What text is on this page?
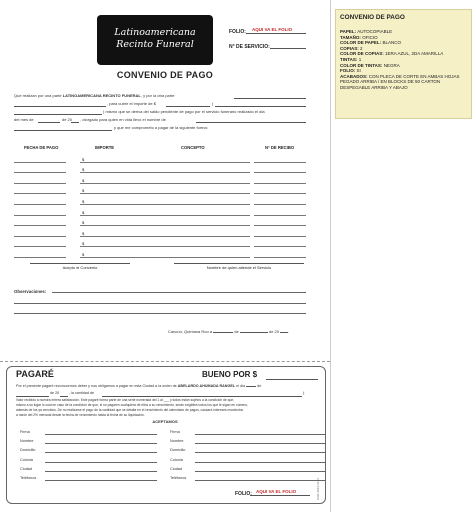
Latinoamericana
Recinto Funeral
FOLIO: AQUI VA EL FOLIO
N° DE SERVICIO:
CONVENIO DE PAGO
Que realizan por una parte LATINOAMERICANA RECINTO FUNERAL, y por la otra parte
, para cubrir el importe de $	(
) mismo que se deriva del saldo pendiente de pago por el servicio funerario realizado el día
del mes de	de 20 , otorgado para quien en vida llevó el nombre de
y que me comprometo a pagar de la siguiente forma:
FECHA DE PAGO	IMPORTE	CONCEPTO	N° DE RECIBO
$
$
$
$
$
$
$
$
$
$
Acepto el Convenio	Nombre de quien atiende el Servicio
Observaciones:
Cancún, Quintana Roo a	de	de 20 .
PAGARÉ	BUENO POR $
Por el presente pagaré reconocemos deber y nos obligamos a pagar en esta Ciudad a la orden de ABELARDO AHUMADA RANGEL el día	de
de 20	, la cantidad de	).
Valor recibido a nuestra entera satisfacción. Este pagaré forma parte de una serie numerada del 1 al ___ y todos están sujetos a la condición de que,
mismo a su lugar lo cual en caso de la condición de que, si no pagaren cualquiera de ellos a su vencimiento, serán exigibles todos los que le sigan en número,
además de los ya vencidos. De no realizarse el pago de la cantidad que se detalla en el vencimiento del calendario de pagos, causará intereses moratorios
a razón del 2% mensual desde la fecha de vencimiento hasta la fecha de su liquidación.
ACEPTAMOS
Firma	Firma
Nombre	Nombre
Domicilio	Domicilio
Colonia	Colonia
Ciudad	Ciudad
Teléfonos	Teléfonos
FOLIO: AQUI VA EL FOLIO	CAR-2014-VFCI
CONVENIO DE PAGO
PAPEL: AUTOCOPIABLE
TAMAÑO: OFICIO
COLOR DE PAPEL: BLANCO
COPIAS: 2
COLOR DE COPIAS: 1ERA AZUL, 2DA AMARILLA
TINTAS: 1
COLOR DE TINTAS: NEGRA
FOLIO: SI
ACABADOS: CON PLECA DE CORTE EN AMBAS HOJAS PEGADO ARRIBA / EN BLOCKS DE 50 CARTON DESPEGABLE ARRIBA Y ABAJO
